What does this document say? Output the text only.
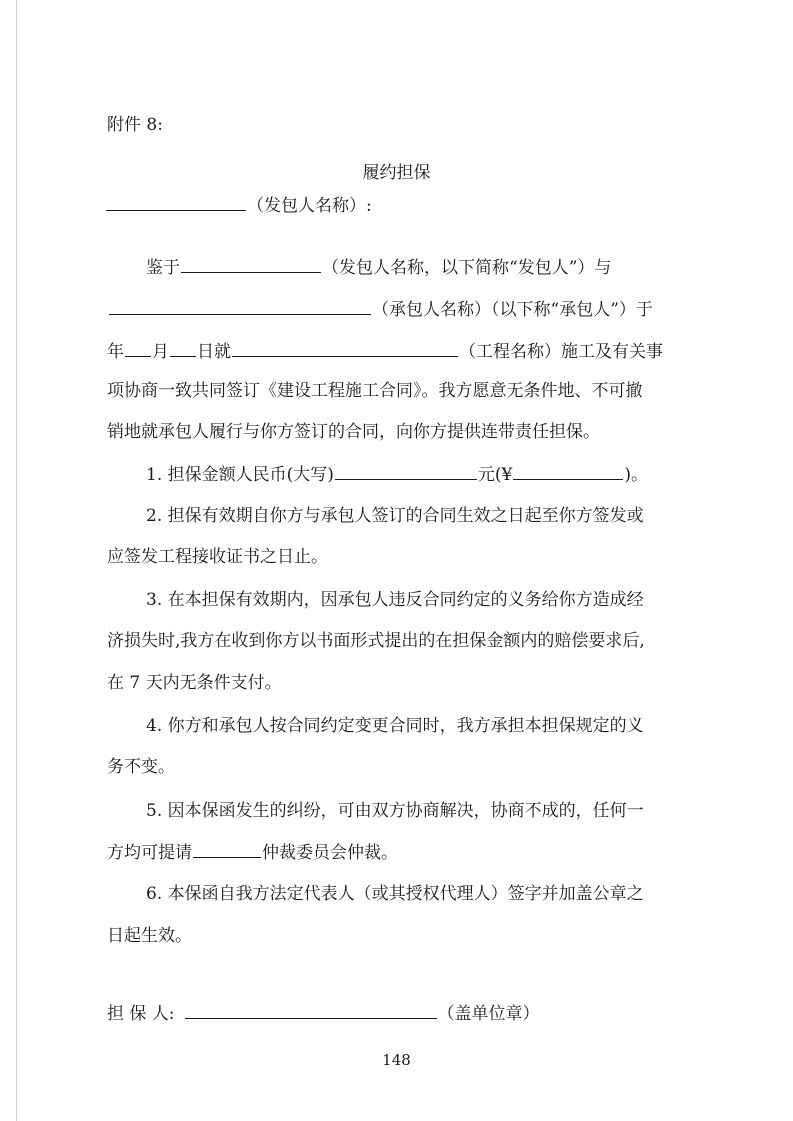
附件 8:
履约担保
（发包人名称）:
鉴于	（发包人名称，以下简称“发包人”）与
（承包人名称）（以下称“承包人”）于
年 月 日就	（工程名称）施工及有关事
项协商一致共同签订《建设工程施工合同》。我方愿意无条件地、不可撤
销地就承包人履行与你方签订的合同，向你方提供连带责任担保。
1. 担保金额人民币(大写)	元(¥	)。
2. 担保有效期自你方与承包人签订的合同生效之日起至你方签发或
应签发工程接收证书之日止。
3. 在本担保有效期内，因承包人违反合同约定的义务给你方造成经
济损失时,我方在收到你方以书面形式提出的在担保金额内的赔偿要求后,
在 7 天内无条件支付。
4. 你方和承包人按合同约定变更合同时，我方承担本担保规定的义
务不变。
5. 因本保函发生的纠纷，可由双方协商解决，协商不成的，任何一
方均可提请	仲裁委员会仲裁。
6. 本保函自我方法定代表人（或其授权代理人）签字并加盖公章之
日起生效。
担 保 人:	（盖单位章）
148
